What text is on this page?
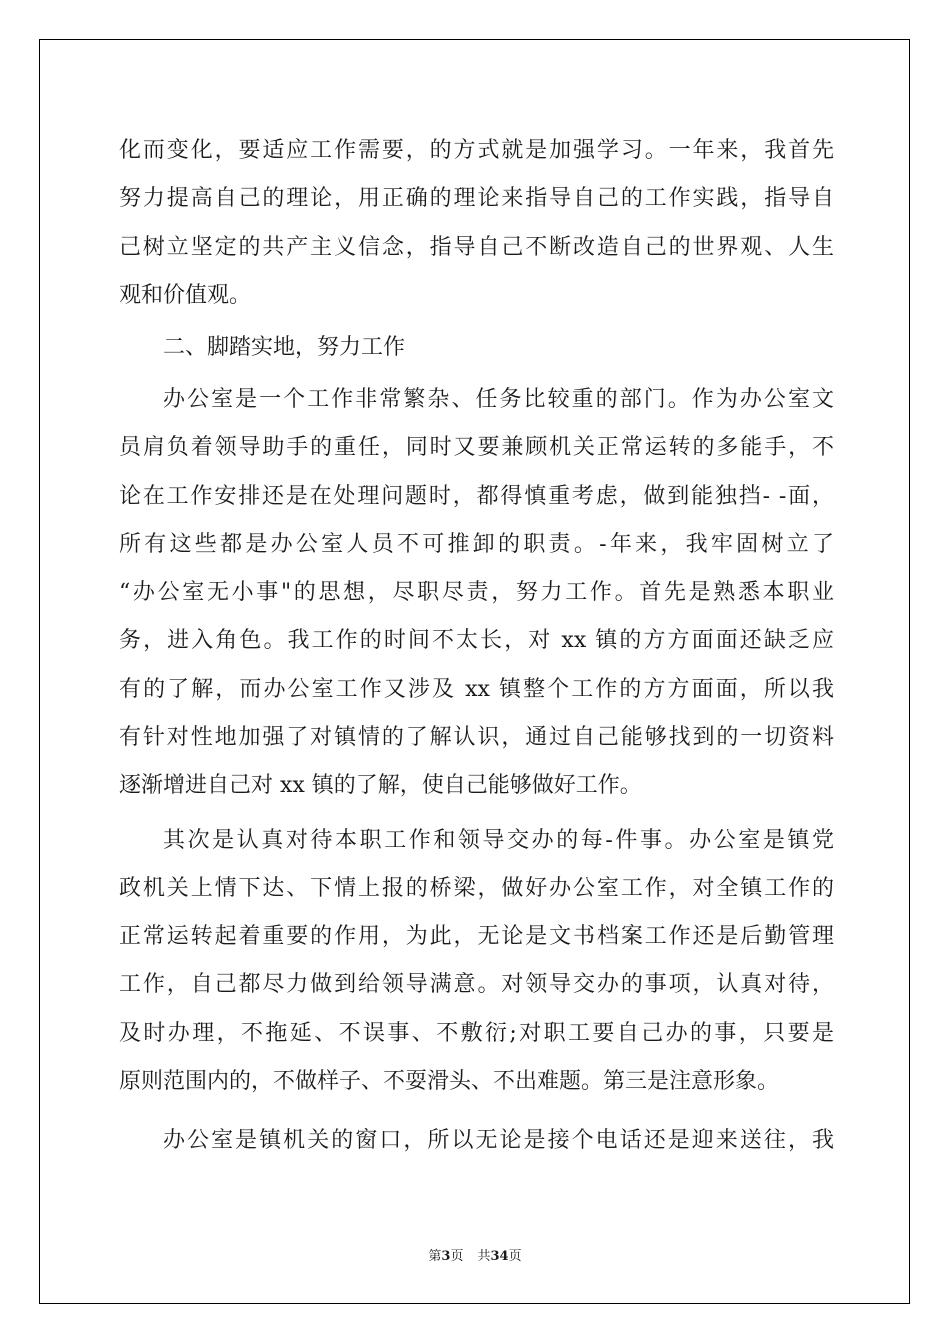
化而变化，要适应工作需要，的方式就是加强学习。一年来，我首先
努力提高自己的理论，用正确的理论来指导自己的工作实践，指导自
己树立坚定的共产主义信念，指导自己不断改造自己的世界观、人生
观和价值观。
二、脚踏实地，努力工作
办公室是一个工作非常繁杂、任务比较重的部门。作为办公室文
员肩负着领导助手的重任，同时又要兼顾机关正常运转的多能手，不
论在工作安排还是在处理问题时，都得慎重考虑，做到能独挡- -面，
所有这些都是办公室人员不可推卸的职责。-年来，我牢固树立了
“办公室无小事"的思想，尽职尽责，努力工作。首先是熟悉本职业
务，进入角色。我工作的时间不太长，对 xx 镇的方方面面还缺乏应
有的了解，而办公室工作又涉及 xx 镇整个工作的方方面面，所以我
有针对性地加强了对镇情的了解认识，通过自己能够找到的一切资料
逐渐增进自己对 xx 镇的了解，使自己能够做好工作。
其次是认真对待本职工作和领导交办的每-件事。办公室是镇党
政机关上情下达、下情上报的桥梁，做好办公室工作，对全镇工作的
正常运转起着重要的作用，为此，无论是文书档案工作还是后勤管理
工作，自己都尽力做到给领导满意。对领导交办的事项，认真对待，
及时办理，不拖延、不误事、不敷衍;对职工要自己办的事，只要是
原则范围内的，不做样子、不耍滑头、不出难题。第三是注意形象。
办公室是镇机关的窗口，所以无论是接个电话还是迎来送往，我
第3页 共34页
